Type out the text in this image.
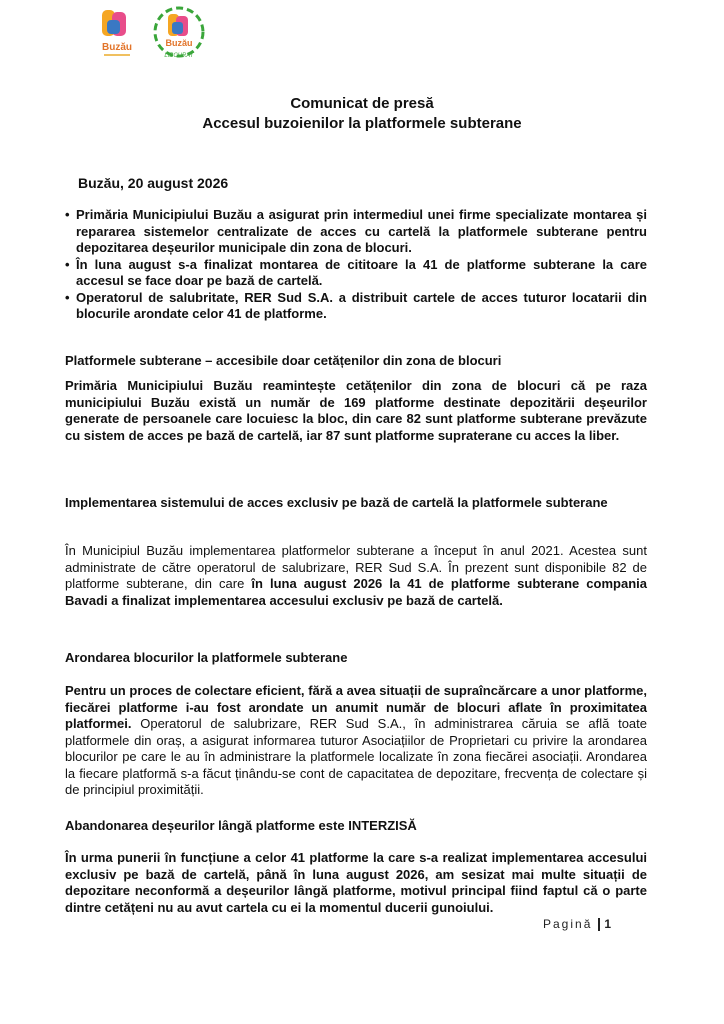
Buzău	Buzău
LIBCURAT
Comunicat de presă
Accesul buzoienilor la platformele subterane
Buzău, 20 august 2026
• Primăria Municipiului Buzău a asigurat prin intermediul unei firme specializate montarea și repararea sistemelor centralizate de acces cu cartelă la platformele subterane pentru depozitarea deșeurilor municipale din zona de blocuri.
• În luna august s-a finalizat montarea de cititoare la 41 de platforme subterane la care accesul se face doar pe bază de cartelă.
• Operatorul de salubritate, RER Sud S.A. a distribuit cartele de acces tuturor locatarii din blocurile arondate celor 41 de platforme.
Platformele subterane – accesibile doar cetățenilor din zona de blocuri

Primăria Municipiului Buzău reamintește cetățenilor din zona de blocuri că pe raza municipiului Buzău există un număr de 169 platforme destinate depozitării deșeurilor generate de persoanele care locuiesc la bloc, din care 82 sunt platforme subterane prevăzute cu sistem de acces pe bază de cartelă, iar 87 sunt platforme supraterane cu acces la liber.

Implementarea sistemului de acces exclusiv pe bază de cartelă la platformele subterane

În Municipiul Buzău implementarea platformelor subterane a început în anul 2021. Acestea sunt administrate de către operatorul de salubrizare, RER Sud S.A. În prezent sunt disponibile 82 de platforme subterane, din care în luna august 2026 la 41 de platforme subterane compania Bavadi a finalizat implementarea accesului exclusiv pe bază de cartelă.

Arondarea blocurilor la platformele subterane

Pentru un proces de colectare eficient, fără a avea situații de supraîncărcare a unor platforme, fiecărei platforme i-au fost arondate un anumit număr de blocuri aflate în proximitatea platformei. Operatorul de salubrizare, RER Sud S.A., în administrarea căruia se află toate platformele din oraș, a asigurat informarea tuturor Asociațiilor de Proprietari cu privire la arondarea blocurilor pe care le au în administrare la platformele localizate în zona fiecărei asociații. Arondarea la fiecare platformă s-a făcut ținându-se cont de capacitatea de depozitare, frecvența de colectare și de principiul proximității.

Abandonarea deșeurilor lângă platforme este INTERZISĂ

În urma punerii în funcțiune a celor 41 platforme la care s-a realizat implementarea accesului exclusiv pe bază de cartelă, până în luna august 2026, am sesizat mai multe situații de depozitare neconformă a deșeurilor lângă platforme, motivul principal fiind faptul că o parte dintre cetățeni nu au avut cartela cu ei la momentul ducerii gunoiului.

Pagină 1
